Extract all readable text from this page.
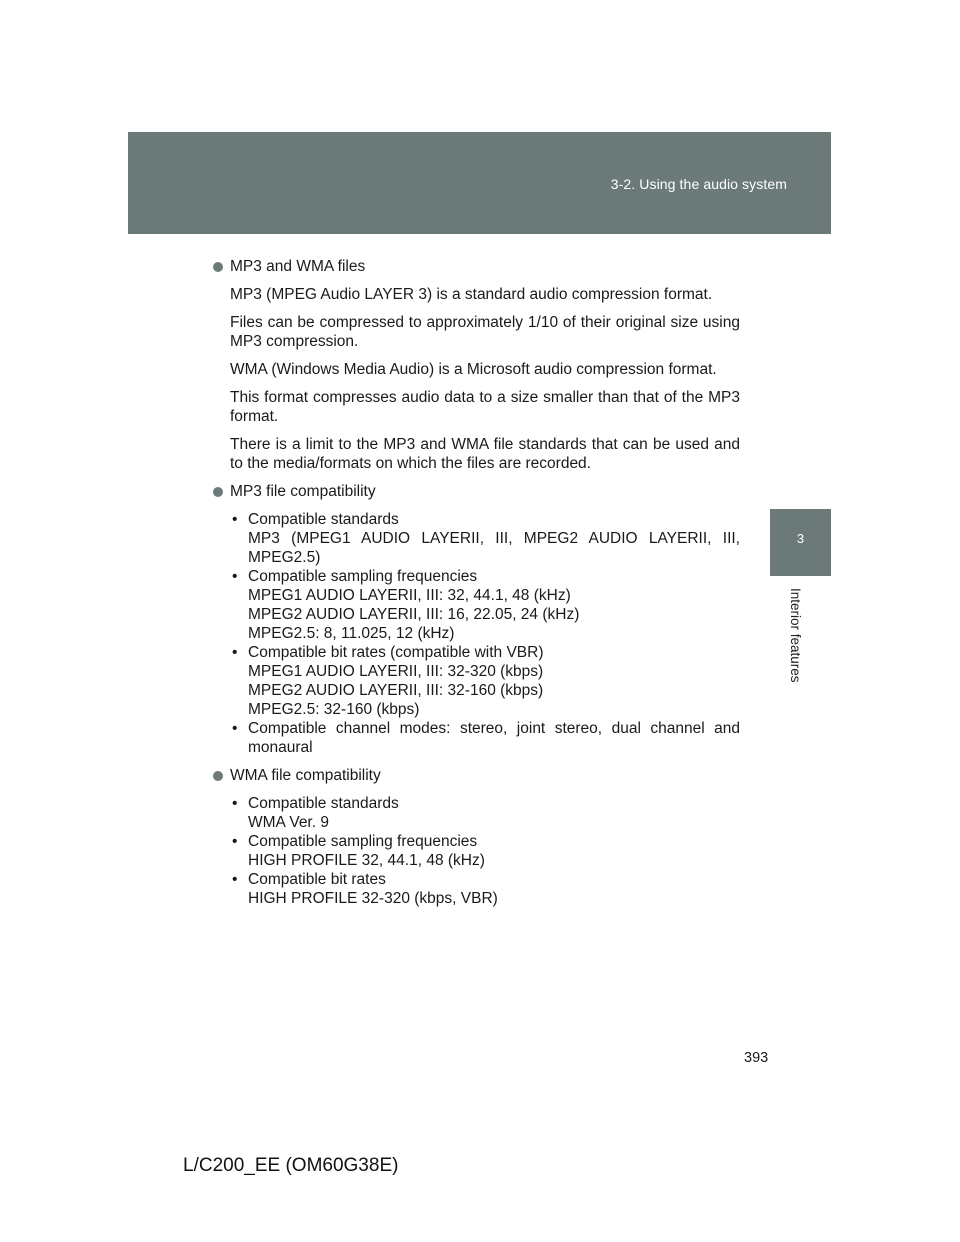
3-2. Using the audio system
3
Interior features
MP3 and WMA files

MP3 (MPEG Audio LAYER 3) is a standard audio compression format.

Files can be compressed to approximately 1/10 of their original size using MP3 compression.

WMA (Windows Media Audio) is a Microsoft audio compression format.

This format compresses audio data to a size smaller than that of the MP3 format.

There is a limit to the MP3 and WMA file standards that can be used and to the media/formats on which the files are recorded.

MP3 file compatibility
• Compatible standards
MP3 (MPEG1 AUDIO LAYERII, III, MPEG2 AUDIO LAYERII, III,
MPEG2.5)
• Compatible sampling frequencies
MPEG1 AUDIO LAYERII, III: 32, 44.1, 48 (kHz)
MPEG2 AUDIO LAYERII, III: 16, 22.05, 24 (kHz)
MPEG2.5: 8, 11.025, 12 (kHz)
• Compatible bit rates (compatible with VBR)
MPEG1 AUDIO LAYERII, III: 32-320 (kbps)
MPEG2 AUDIO LAYERII, III: 32-160 (kbps)
MPEG2.5: 32-160 (kbps)
• Compatible channel modes: stereo, joint stereo, dual channel and monaural
WMA file compatibility
• Compatible standards
WMA Ver. 9
• Compatible sampling frequencies
HIGH PROFILE 32, 44.1, 48 (kHz)
• Compatible bit rates
HIGH PROFILE 32-320 (kbps, VBR)
393
L/C200_EE (OM60G38E)
